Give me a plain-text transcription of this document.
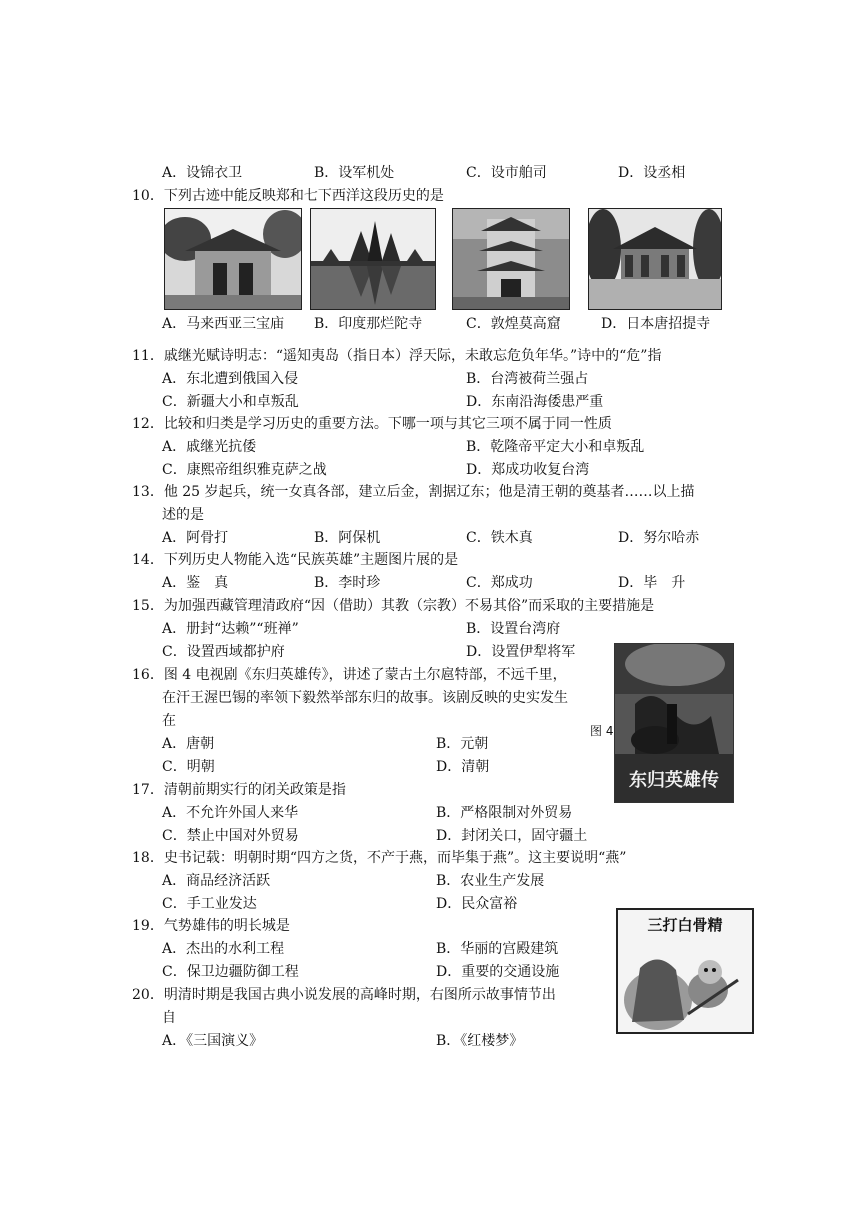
A．设锦衣卫	B．设军机处	C．设市舶司	D．设丞相
10．下列古迹中能反映郑和七下西洋这段历史的是
A．马来西亚三宝庙 B．印度那烂陀寺	C．敦煌莫高窟	D．日本唐招提寺
11．戚继光赋诗明志：“遥知夷岛（指日本）浮天际，未敢忘危负年华。”诗中的“危”指
A．东北遭到俄国入侵	B．台湾被荷兰强占
C．新疆大小和卓叛乱	D．东南沿海倭患严重
12．比较和归类是学习历史的重要方法。下哪一项与其它三项不属于同一性质
A．戚继光抗倭	B．乾隆帝平定大小和卓叛乱
C．康熙帝组织雅克萨之战	D．郑成功收复台湾
13．他 25 岁起兵，统一女真各部，建立后金，割据辽东；他是清王朝的奠基者……以上描
述的是
A．阿骨打	B．阿保机	C．铁木真	D．努尔哈赤
14．下列历史人物能入选“民族英雄”主题图片展的是
A．鉴　真	B．李时珍	C．郑成功	D．毕　升
15．为加强西藏管理清政府“因（借助）其教（宗教）不易其俗”而采取的主要措施是
A．册封“达赖”“班禅”	B．设置台湾府
C．设置西域都护府	D．设置伊犁将军
东归英雄传
图 4
16．图 4 电视剧《东归英雄传》，讲述了蒙古土尔扈特部，不远千里，
在汗王渥巴锡的率领下毅然举部东归的故事。该剧反映的史实发生
在
A．唐朝	B．元朝
C．明朝	D．清朝
17．清朝前期实行的闭关政策是指
A．不允许外国人来华	B．严格限制对外贸易
C．禁止中国对外贸易	D．封闭关口，固守疆土
18．史书记载：明朝时期“四方之货，不产于燕，而毕集于燕”。这主要说明“燕”
A．商品经济活跃	B．农业生产发展
C．手工业发达	D．民众富裕
三打白骨精
19．气势雄伟的明长城是
A．杰出的水利工程	B．华丽的宫殿建筑
C．保卫边疆防御工程	D．重要的交通设施
20．明清时期是我国古典小说发展的高峰时期，右图所示故事情节出
自
A．《三国演义》	B．《红楼梦》
